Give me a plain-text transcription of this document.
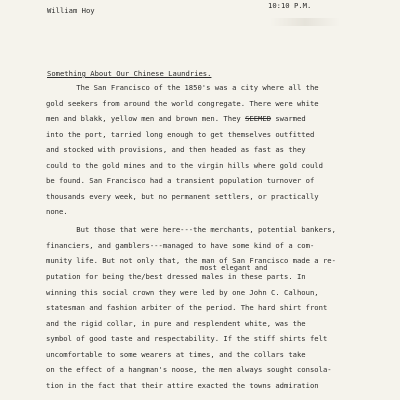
William Hoy
10:10 P.M.
Something About Our Chinese Laundries.
The San Francisco of the 1850's was a city where all the
gold seekers from around the world congregate. There were white
men and blakk, yellow men and brown men. They SEEMED swarmed
into the port, tarried long enough to get themselves outfitted
and stocked with provisions, and then headed as fast as they
could to the gold mines and to the virgin hills where gold could
be found. San Francisco had a transient population turnover of
thousands every week, but no permanent settlers, or practically
none.
But those that were here---the merchants, potential bankers,
financiers, and gamblers---managed to have some kind of a com-
munity life. But not only that, the man of San Francisco made a re-
most elegant and
putation for being the/best dressed males in these parts. In
winning this social crown they were led by one John C. Calhoun,
statesman and fashion arbiter of the period. The hard shirt front
and the rigid collar, in pure and resplendent white, was the
symbol of good taste and respectability. If the stiff shirts felt
uncomfortable to some wearers at times, and the collars take
on the effect of a hangman's noose, the men always sought consola-
tion in the fact that their attire exacted the towns admiration
